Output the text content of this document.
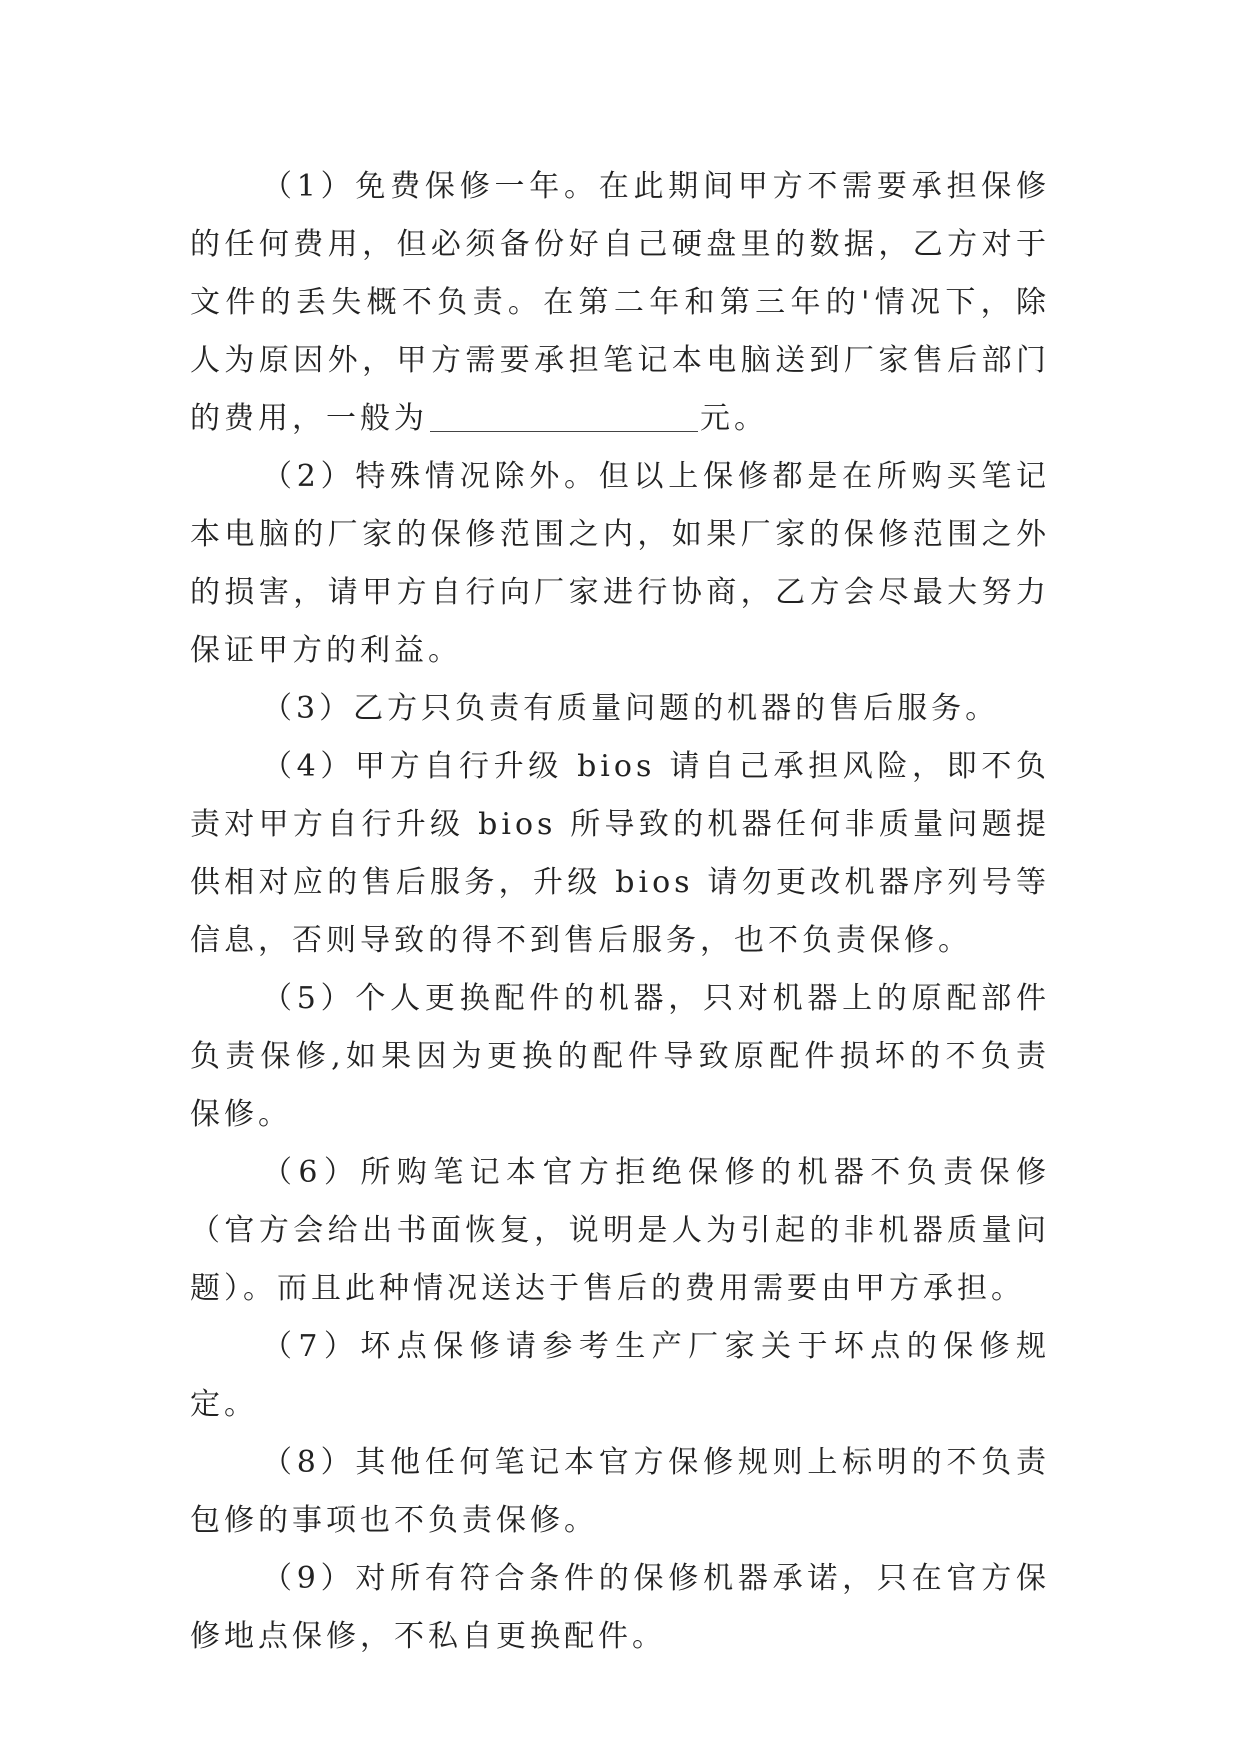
（1）免费保修一年。在此期间甲方不需要承担保修的任何费用，但必须备份好自己硬盘里的数据，乙方对于文件的丢失概不负责。在第二年和第三年的'情况下，除人为原因外，甲方需要承担笔记本电脑送到厂家售后部门的费用，一般为	元。

（2）特殊情况除外。但以上保修都是在所购买笔记本电脑的厂家的保修范围之内，如果厂家的保修范围之外的损害，请甲方自行向厂家进行协商，乙方会尽最大努力保证甲方的利益。

（3）乙方只负责有质量问题的机器的售后服务。

（4）甲方自行升级 bios 请自己承担风险，即不负责对甲方自行升级 bios 所导致的机器任何非质量问题提供相对应的售后服务，升级 bios 请勿更改机器序列号等信息，否则导致的得不到售后服务，也不负责保修。

（5）个人更换配件的机器，只对机器上的原配部件负责保修,如果因为更换的配件导致原配件损坏的不负责保修。

（6）所购笔记本官方拒绝保修的机器不负责保修（官方会给出书面恢复，说明是人为引起的非机器质量问题）。而且此种情况送达于售后的费用需要由甲方承担。

（7）坏点保修请参考生产厂家关于坏点的保修规定。

（8）其他任何笔记本官方保修规则上标明的不负责包修的事项也不负责保修。

（9）对所有符合条件的保修机器承诺，只在官方保修地点保修，不私自更换配件。
